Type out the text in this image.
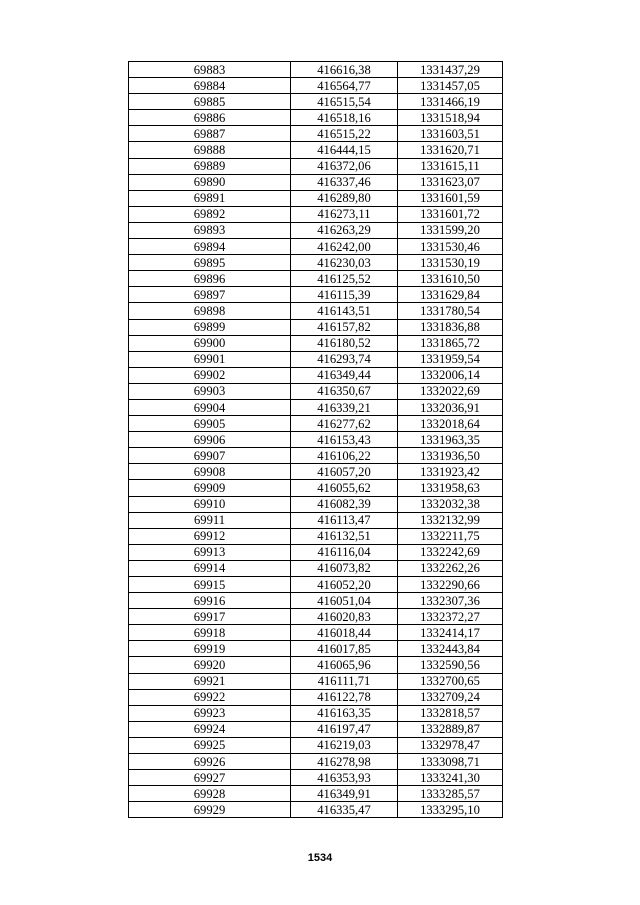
69883	416616,38	1331437,29
69884	416564,77	1331457,05
69885	416515,54	1331466,19
69886	416518,16	1331518,94
69887	416515,22	1331603,51
69888	416444,15	1331620,71
69889	416372,06	1331615,11
69890	416337,46	1331623,07
69891	416289,80	1331601,59
69892	416273,11	1331601,72
69893	416263,29	1331599,20
69894	416242,00	1331530,46
69895	416230,03	1331530,19
69896	416125,52	1331610,50
69897	416115,39	1331629,84
69898	416143,51	1331780,54
69899	416157,82	1331836,88
69900	416180,52	1331865,72
69901	416293,74	1331959,54
69902	416349,44	1332006,14
69903	416350,67	1332022,69
69904	416339,21	1332036,91
69905	416277,62	1332018,64
69906	416153,43	1331963,35
69907	416106,22	1331936,50
69908	416057,20	1331923,42
69909	416055,62	1331958,63
69910	416082,39	1332032,38
69911	416113,47	1332132,99
69912	416132,51	1332211,75
69913	416116,04	1332242,69
69914	416073,82	1332262,26
69915	416052,20	1332290,66
69916	416051,04	1332307,36
69917	416020,83	1332372,27
69918	416018,44	1332414,17
69919	416017,85	1332443,84
69920	416065,96	1332590,56
69921	416111,71	1332700,65
69922	416122,78	1332709,24
69923	416163,35	1332818,57
69924	416197,47	1332889,87
69925	416219,03	1332978,47
69926	416278,98	1333098,71
69927	416353,93	1333241,30
69928	416349,91	1333285,57
69929	416335,47	1333295,10
1534
